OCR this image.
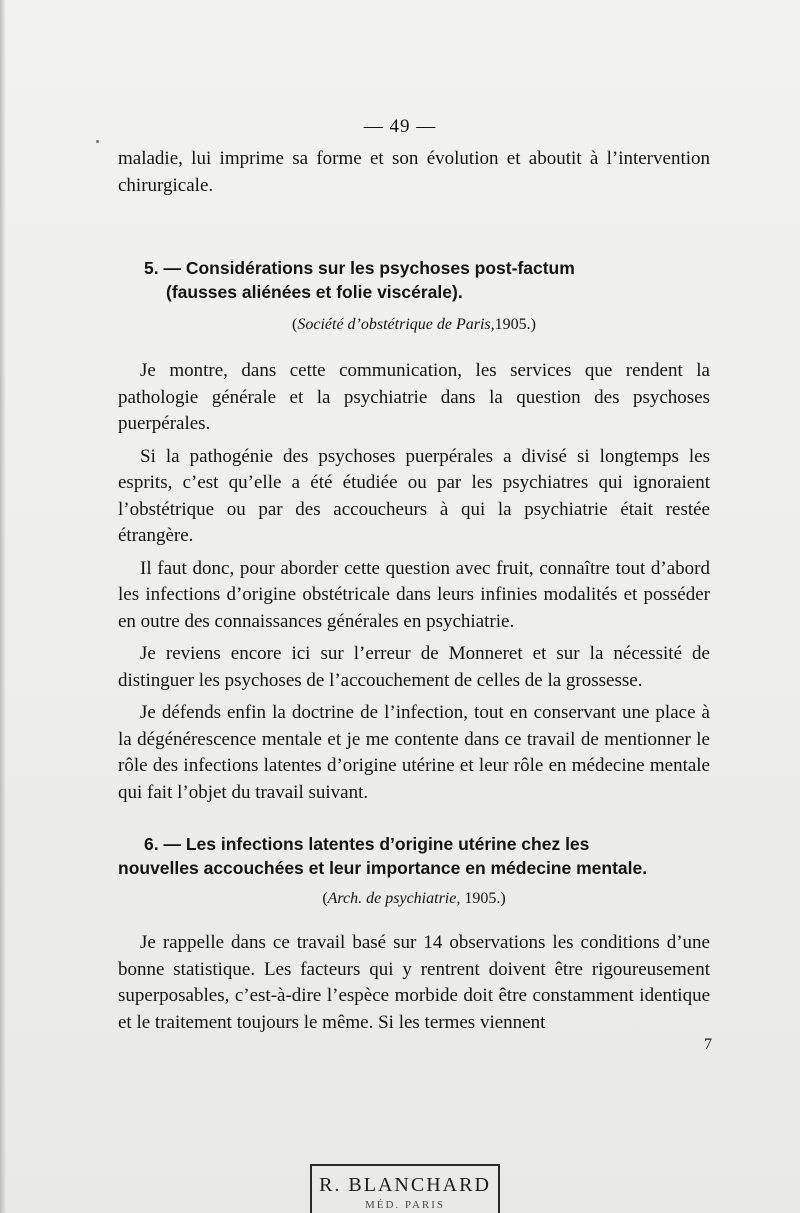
— 49 —

maladie, lui imprime sa forme et son évolution et aboutit à l’intervention chirurgicale.

5. — Considérations sur les psychoses post-factum
(fausses aliénées et folie viscérale).

(Société d’obstétrique de Paris,1905.)

Je montre, dans cette communication, les services que rendent la pathologie générale et la psychiatrie dans la question des psychoses puerpérales.

Si la pathogénie des psychoses puerpérales a divisé si longtemps les esprits, c’est qu’elle a été étudiée ou par les psychiatres qui ignoraient l’obstétrique ou par des accoucheurs à qui la psychiatrie était restée étrangère.

Il faut donc, pour aborder cette question avec fruit, connaître tout d’abord les infections d’origine obstétricale dans leurs infinies modalités et posséder en outre des connaissances générales en psychiatrie.

Je reviens encore ici sur l’erreur de Monneret et sur la nécessité de distinguer les psychoses de l’accouchement de celles de la grossesse.

Je défends enfin la doctrine de l’infection, tout en conservant une place à la dégénérescence mentale et je me contente dans ce travail de mentionner le rôle des infections latentes d’origine utérine et leur rôle en médecine mentale qui fait l’objet du travail suivant.

6. — Les infections latentes d’origine utérine chez les
nouvelles accouchées et leur importance en médecine mentale.

(Arch. de psychiatrie, 1905.)

Je rappelle dans ce travail basé sur 14 observations les conditions d’une bonne statistique. Les facteurs qui y rentrent doivent être rigoureusement superposables, c’est-à-dire l’espèce morbide doit être constamment identique et le traitement toujours le même. Si les termes viennent

7
R. BLANCHARD
MÉD. PARIS
